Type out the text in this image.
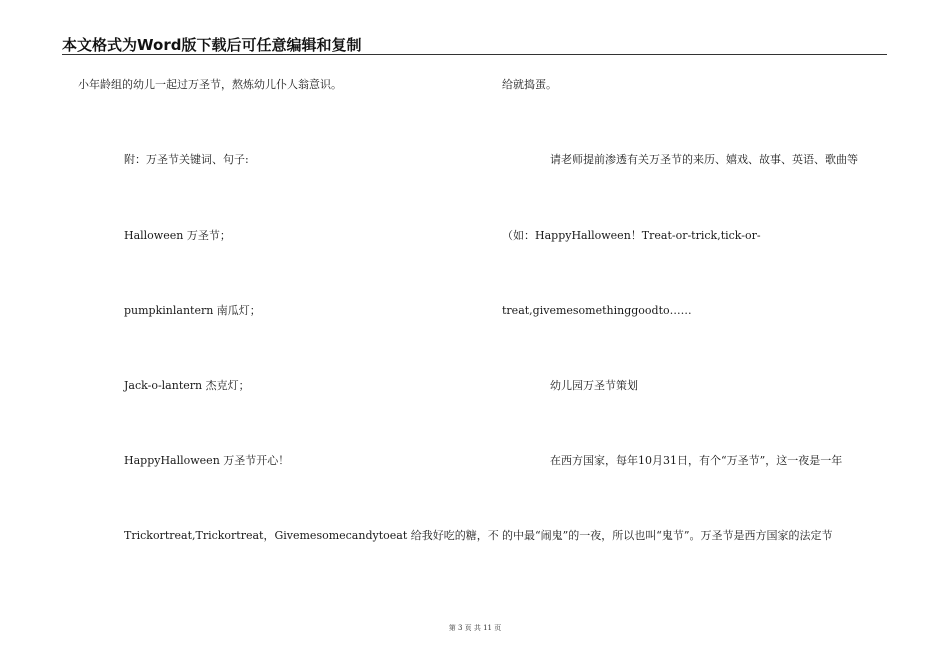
本文格式为Word版下载后可任意编辑和复制
小年龄组的幼儿一起过万圣节，熬炼幼儿仆人翁意识。
附：万圣节关键词、句子:
Halloween 万圣节；
pumpkinlantern 南瓜灯；
Jack-o-lantern 杰克灯；
HappyHalloween 万圣节开心！
Trickortreat,Trickortreat，Givemesomecandytoeat 给我好吃的糖，不
给就捣蛋。
请老师提前渗透有关万圣节的来历、嬉戏、故事、英语、歌曲等
（如：HappyHalloween！Treat-or-trick,tick-or-
treat,givemesomethinggoodto……
幼儿园万圣节策划
在西方国家，每年10月31日，有个“万圣节”，这一夜是一年
的中最“闹鬼”的一夜，所以也叫“鬼节”。万圣节是西方国家的法定节
第 3 页 共 11 页
